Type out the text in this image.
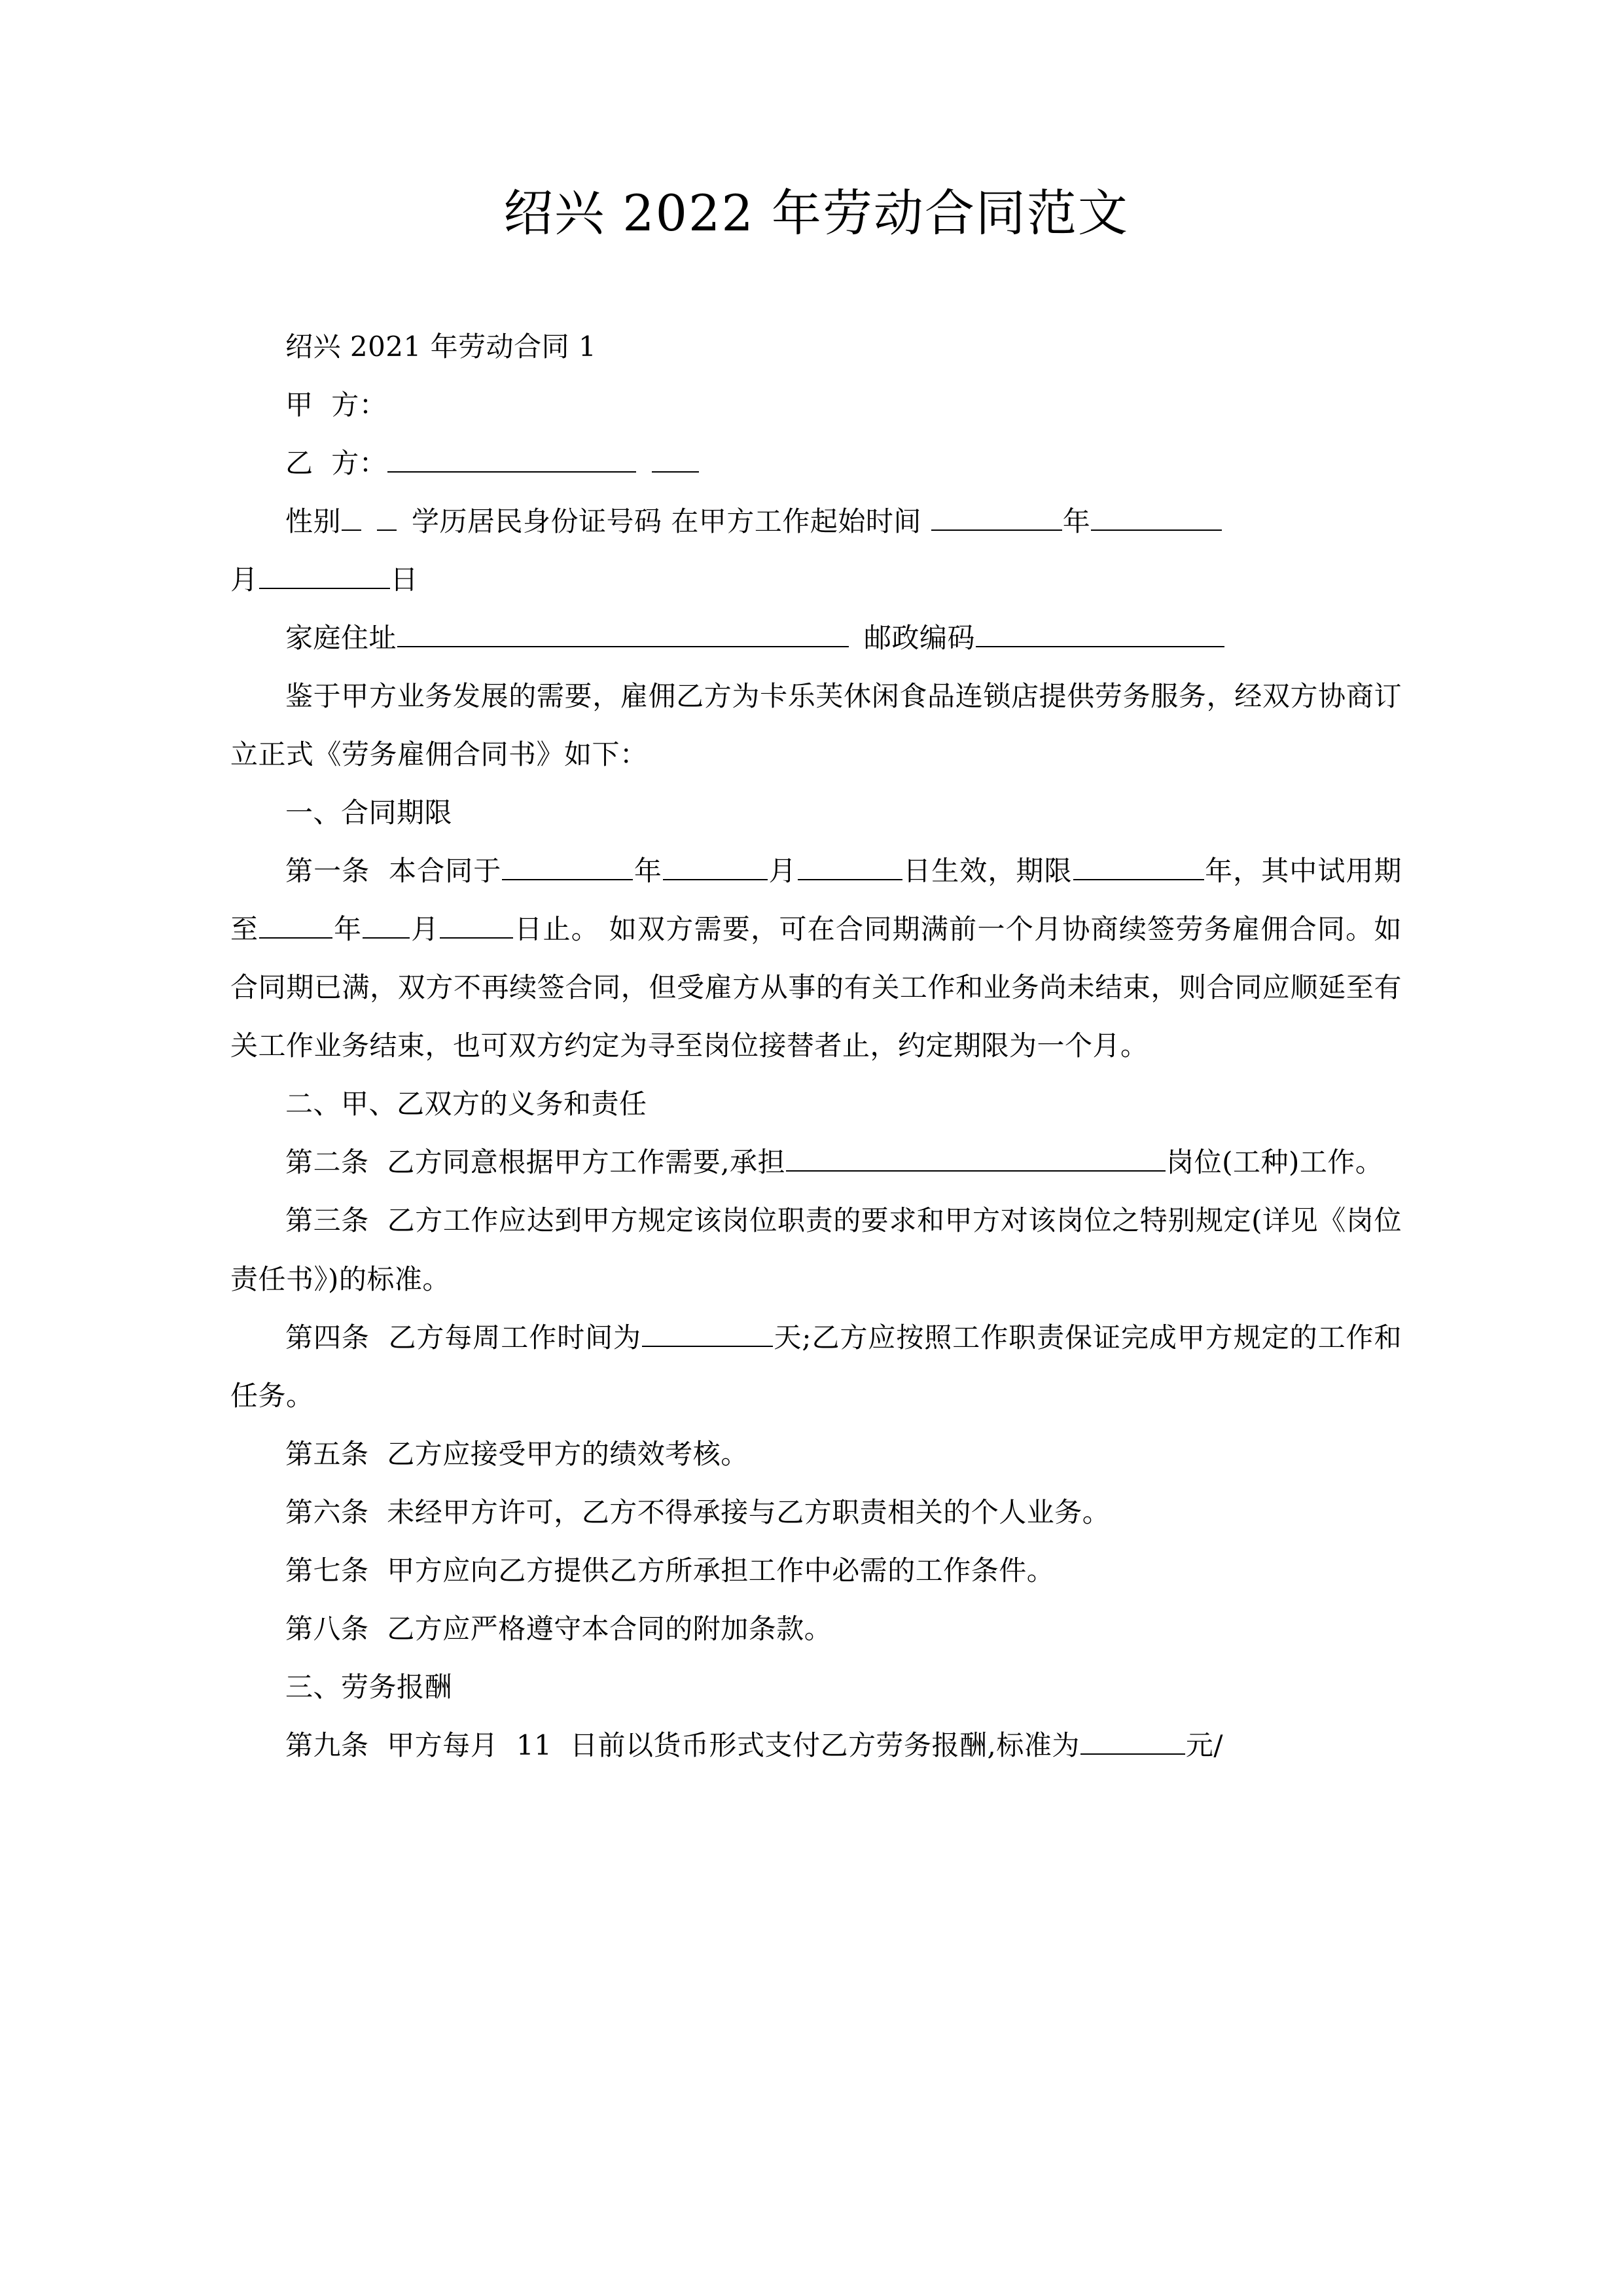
绍兴 2022 年劳动合同范文

绍兴 2021 年劳动合同 1

甲  方：

乙  方：

性别	学历居民身份证号码 在甲方工作起始时间	年

月	日

家庭住址	邮政编码

鉴于甲方业务发展的需要，雇佣乙方为卡乐芙休闲食品连锁店提供劳务服务，经双方协商订立正式《劳务雇佣合同书》如下：

一、合同期限

第一条  本合同于	年	月	日生效，期限	年，其中试用期至	年 月	日止。 如双方需要，可在合同期满前一个月协商续签劳务雇佣合同。如合同期已满，双方不再续签合同，但受雇方从事的有关工作和业务尚未结束，则合同应顺延至有关工作业务结束，也可双方约定为寻至岗位接替者止，约定期限为一个月。

二、甲、乙双方的义务和责任

第二条  乙方同意根据甲方工作需要,承担	岗位(工种)工作。

第三条  乙方工作应达到甲方规定该岗位职责的要求和甲方对该岗位之特别规定(详见《岗位责任书》)的标准。

第四条  乙方每周工作时间为	天;乙方应按照工作职责保证完成甲方规定的工作和任务。

第五条  乙方应接受甲方的绩效考核。

第六条  未经甲方许可，乙方不得承接与乙方职责相关的个人业务。

第七条  甲方应向乙方提供乙方所承担工作中必需的工作条件。

第八条  乙方应严格遵守本合同的附加条款。

三、劳务报酬

第九条  甲方每月  11  日前以货币形式支付乙方劳务报酬,标准为	元/
